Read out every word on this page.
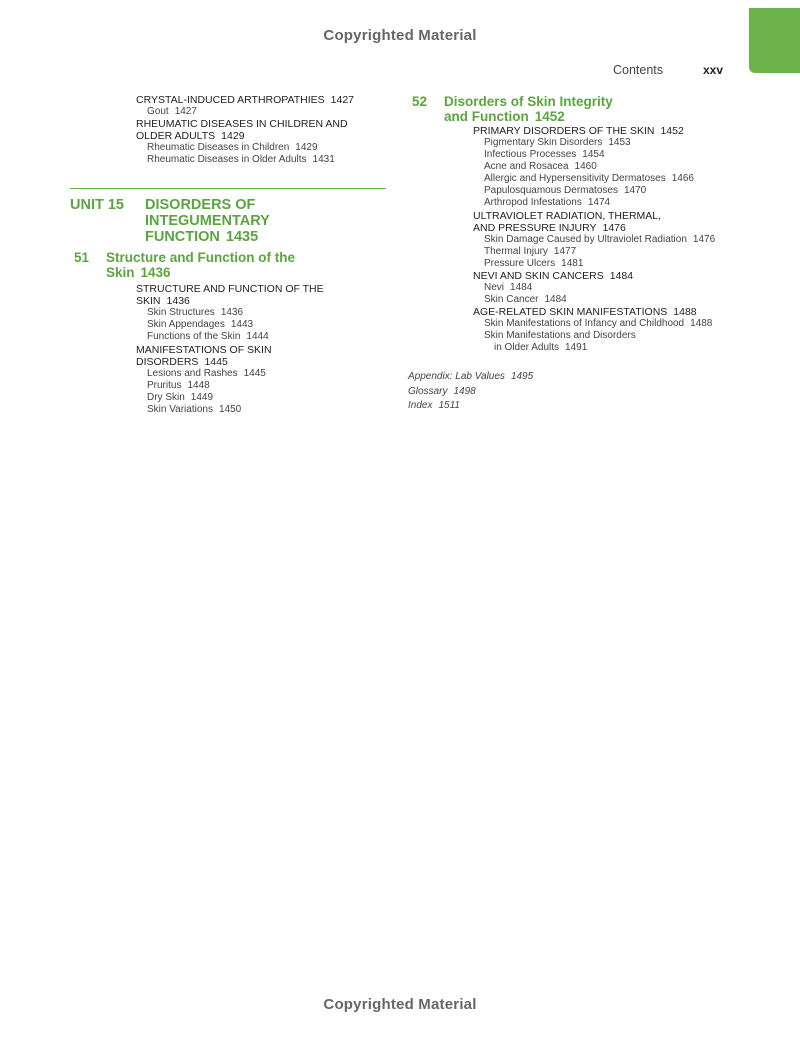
Copyrighted Material
Contents	xxv
CRYSTAL-INDUCED ARTHROPATHIES 1427
Gout 1427
RHEUMATIC DISEASES IN CHILDREN AND
OLDER ADULTS 1429
Rheumatic Diseases in Children 1429
Rheumatic Diseases in Older Adults 1431
UNIT 15	DISORDERS OF
INTEGUMENTARY
FUNCTION 1435
51	Structure and Function of the
Skin 1436
STRUCTURE AND FUNCTION OF THE
SKIN 1436
Skin Structures 1436
Skin Appendages 1443
Functions of the Skin 1444
MANIFESTATIONS OF SKIN
DISORDERS 1445
Lesions and Rashes 1445
Pruritus 1448
Dry Skin 1449
Skin Variations 1450
52	Disorders of Skin Integrity
and Function 1452
PRIMARY DISORDERS OF THE SKIN 1452
Pigmentary Skin Disorders 1453
Infectious Processes 1454
Acne and Rosacea 1460
Allergic and Hypersensitivity Dermatoses 1466
Papulosquamous Dermatoses 1470
Arthropod Infestations 1474
ULTRAVIOLET RADIATION, THERMAL,
AND PRESSURE INJURY 1476
Skin Damage Caused by Ultraviolet Radiation 1476
Thermal Injury 1477
Pressure Ulcers 1481
NEVI AND SKIN CANCERS 1484
Nevi 1484
Skin Cancer 1484
AGE-RELATED SKIN MANIFESTATIONS 1488
Skin Manifestations of Infancy and Childhood 1488
Skin Manifestations and Disorders
in Older Adults 1491
Appendix: Lab Values 1495
Glossary 1498
Index 1511
Copyrighted Material
